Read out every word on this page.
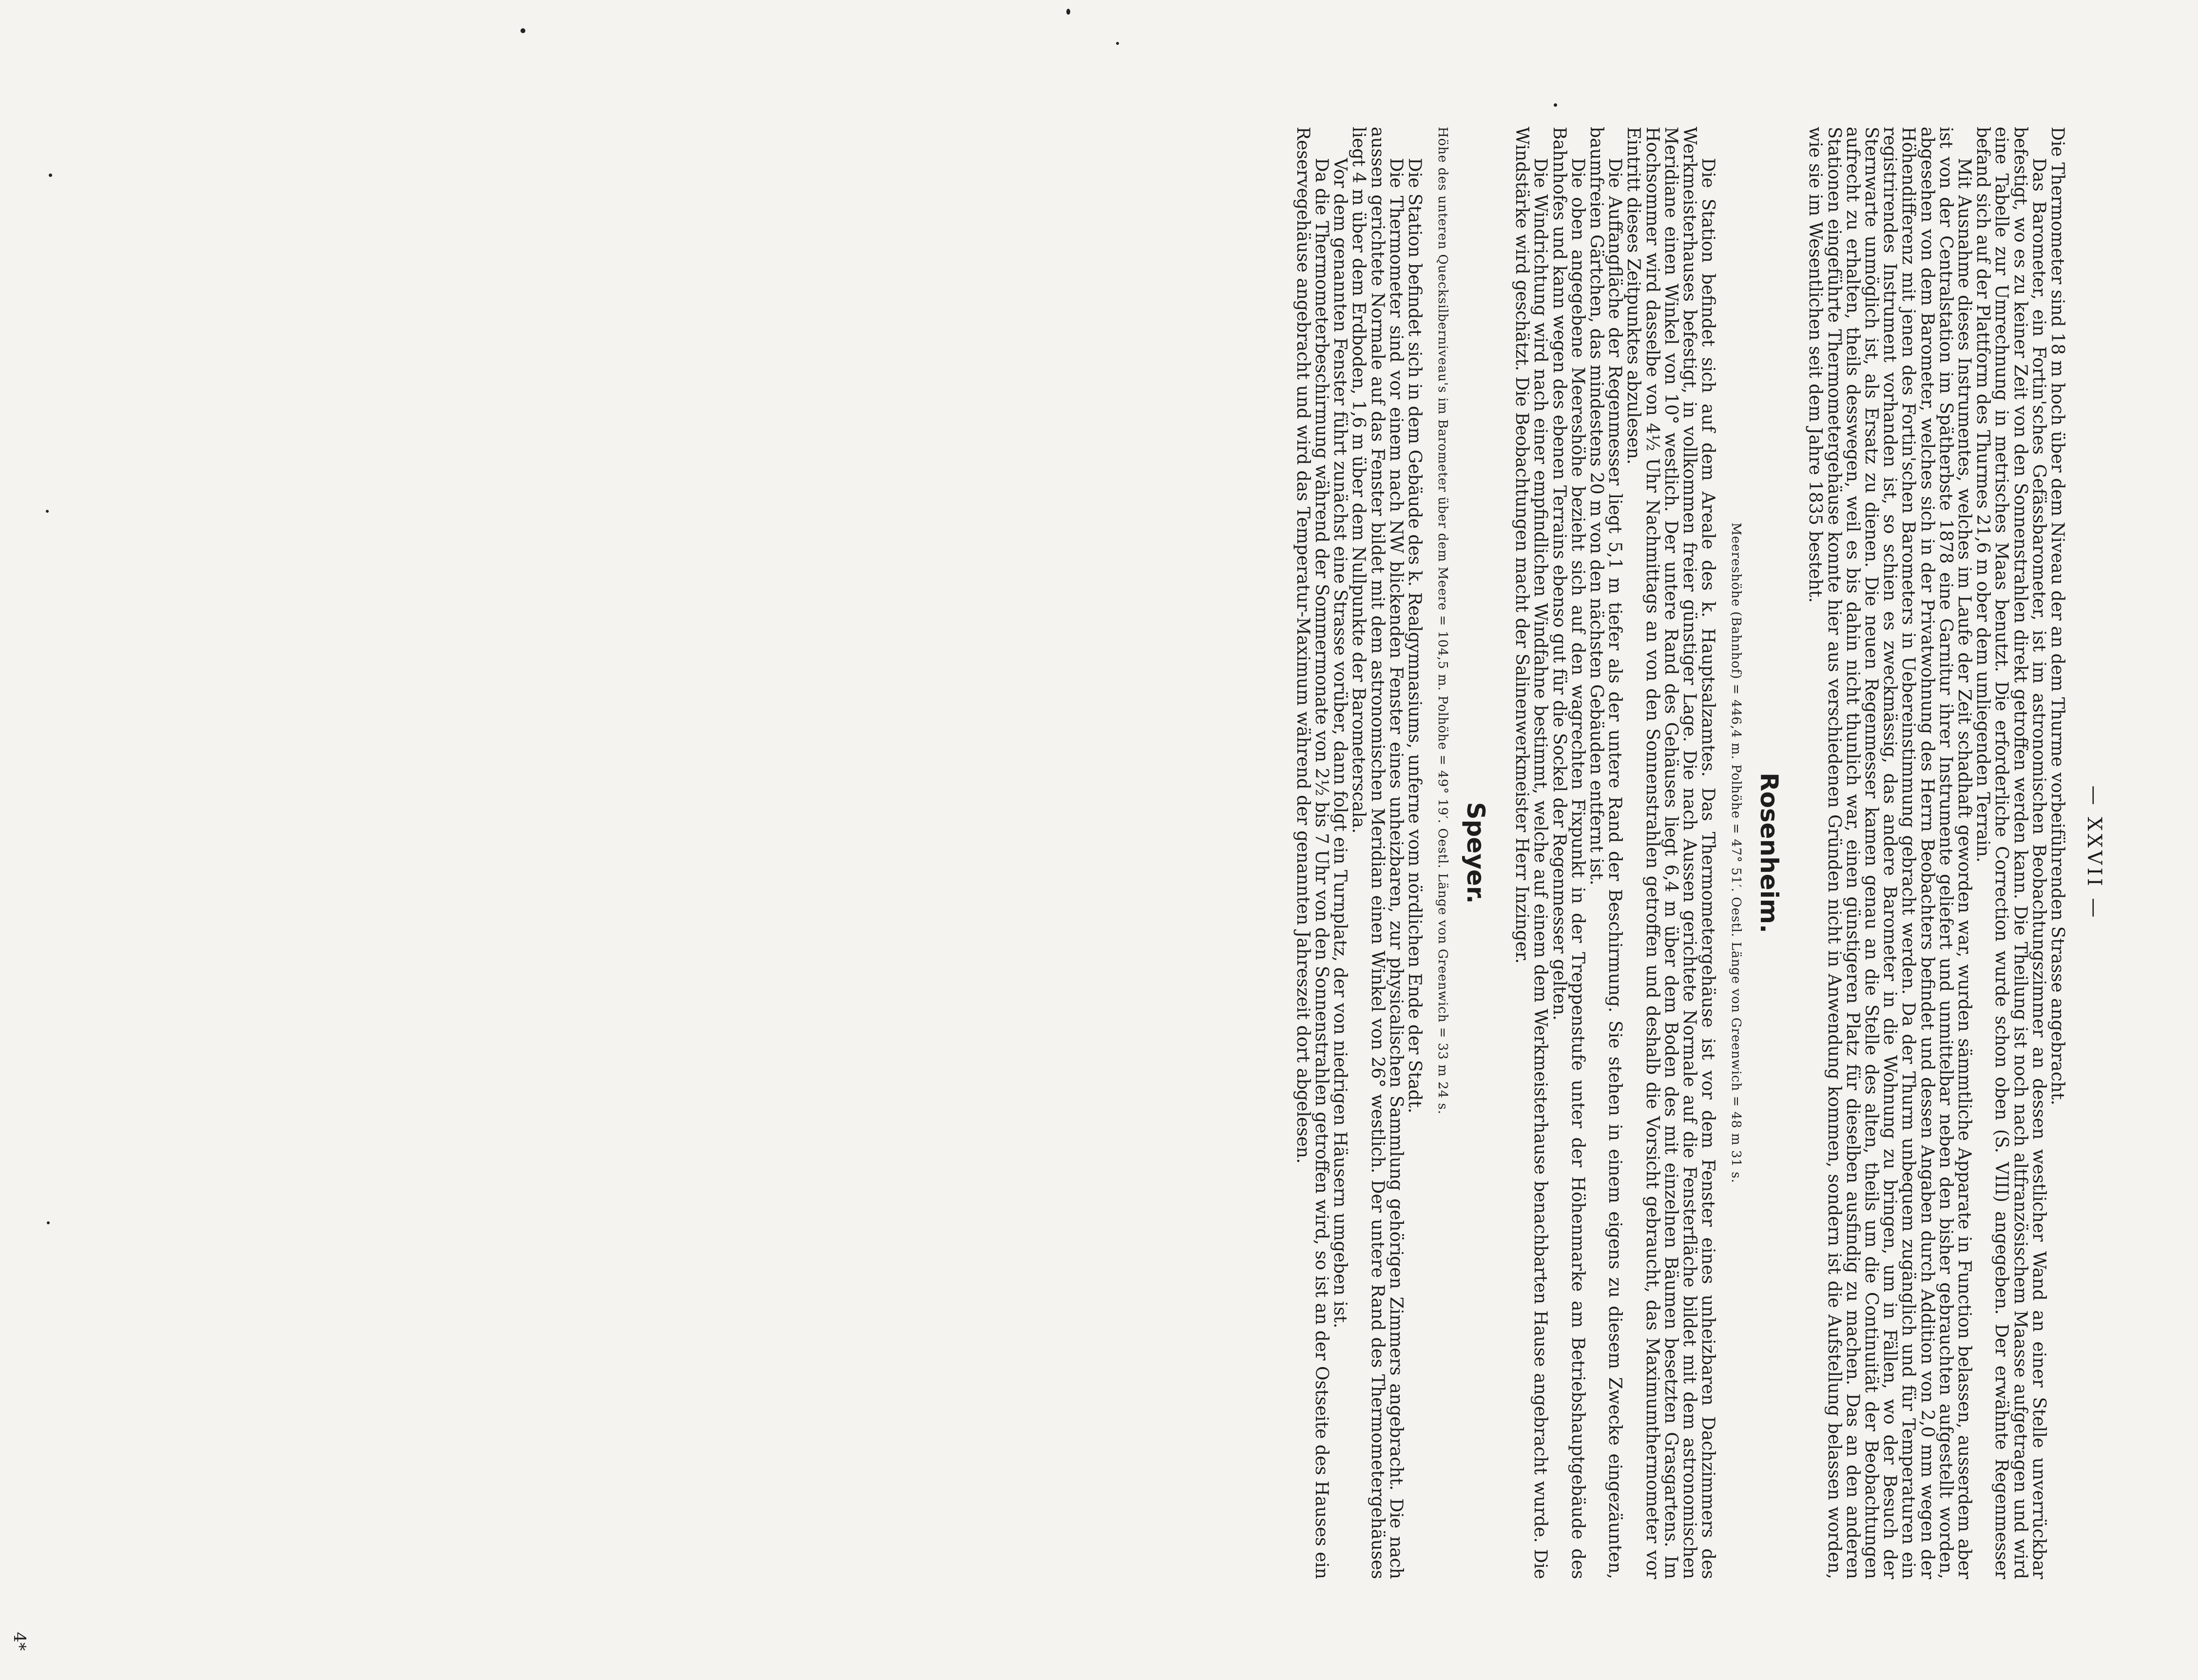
— XXVII —

Die Thermometer sind 18 m hoch über dem Niveau der an dem Thurme vorbeiführenden Strasse angebracht.

Das Barometer, ein Fortin'sches Gefässbarometer, ist im astronomischen Beobachtungszimmer an dessen westlicher Wand an einer Stelle unverrückbar befestigt, wo es zu keiner Zeit von den Sonnenstrahlen direkt getroffen werden kann. Die Theilung ist noch nach altfranzösischem Maasse aufgetragen und wird eine Tabelle zur Umrechnung in metrisches Maas benutzt. Die erforderliche Correction wurde schon oben (S. VIII) angegeben. Der erwähnte Regenmesser befand sich auf der Plattform des Thurmes 21,6 m ober dem umliegenden Terrain.

Mit Ausnahme dieses Instrumentes, welches im Laufe der Zeit schadhaft geworden war, wurden sämmtliche Apparate in Function belassen, ausserdem aber ist von der Centralstation im Spätherbste 1878 eine Garnitur ihrer Instrumente geliefert und unmittelbar neben den bisher gebrauchten aufgestellt worden, abgesehen von dem Barometer, welches sich in der Privatwohnung des Herrn Beobachters befindet und dessen Angaben durch Addition von 2,0 mm wegen der Höhendifferenz mit jenen des Fortin'schen Barometers in Uebereinstimmung gebracht werden. Da der Thurm unbequem zugänglich und für Temperaturen ein registrirendes Instrument vorhanden ist, so schien es zweckmässig, das andere Barometer in die Wohnung zu bringen, um in Fällen, wo der Besuch der Sternwarte unmöglich ist, als Ersatz zu dienen. Die neuen Regenmesser kamen genau an die Stelle des alten, theils um die Continuität der Beobachtungen aufrecht zu erhalten, theils desswegen, weil es bis dahin nicht thunlich war, einen günstigeren Platz für dieselben ausfindig zu machen. Das an den anderen Stationen eingeführte Thermometergehäuse konnte hier aus verschiedenen Gründen nicht in Anwendung kommen, sondern ist die Aufstellung belassen worden, wie sie im Wesentlichen seit dem Jahre 1835 besteht.

Rosenheim.
Meereshöhe (Bahnhof) = 446,4 m. Polhöhe = 47° 51′. Oestl. Länge von Greenwich = 48 m 31 s.

Die Station befindet sich auf dem Areale des k. Hauptsalzamtes. Das Thermometergehäuse ist vor dem Fenster eines unheizbaren Dachzimmers des Werkmeisterhauses befestigt, in vollkommen freier günstiger Lage. Die nach Aussen gerichtete Normale auf die Fensterfläche bildet mit dem astronomischen Meridiane einen Winkel von 10° westlich. Der untere Rand des Gehäuses liegt 6,4 m über dem Boden des mit einzelnen Bäumen besetzten Grasgartens. Im Hochsommer wird dasselbe von 4½ Uhr Nachmittags an von den Sonnenstrahlen getroffen und deshalb die Vorsicht gebraucht, das Maximumthermometer vor Eintritt dieses Zeitpunktes abzulesen.

Die Auffangfläche der Regenmesser liegt 5,1 m tiefer als der untere Rand der Beschirmung. Sie stehen in einem eigens zu diesem Zwecke eingezäunten, baumfreien Gärtchen, das mindestens 20 m von den nächsten Gebäuden entfernt ist.

Die oben angegebene Meereshöhe bezieht sich auf den wagrechten Fixpunkt in der Treppenstufe unter der Höhenmarke am Betriebshauptgebäude des Bahnhofes und kann wegen des ebenen Terrains ebenso gut für die Sockel der Regenmesser gelten.

Die Windrichtung wird nach einer empfindlichen Windfahne bestimmt, welche auf einem dem Werkmeisterhause benachbarten Hause angebracht wurde. Die Windstärke wird geschätzt. Die Beobachtungen macht der Salinenwerkmeister Herr Inzinger.

Speyer.
Höhe des unteren Quecksilberniveau's im Barometer über dem Meere = 104,5 m. Polhöhe = 49° 19′. Oestl. Länge von Greenwich = 33 m 24 s.

Die Station befindet sich in dem Gebäude des k. Realgymnasiums, unferne vom nördlichen Ende der Stadt.

Die Thermometer sind vor einem nach NW blickenden Fenster eines unheizbaren, zur physicalischen Sammlung gehörigen Zimmers angebracht. Die nach aussen gerichtete Normale auf das Fenster bildet mit dem astronomischen Meridian einen Winkel von 26° westlich. Der untere Rand des Thermometergehäuses liegt 4 m über dem Erdboden, 1,6 m über dem Nullpunkte der Barometerscala.

Vor dem genannten Fenster führt zunächst eine Strasse vorüber, dann folgt ein Turnplatz, der von niedrigen Häusern umgeben ist.

Da die Thermometerbeschirmung während der Sommermonate von 2½ bis 7 Uhr von den Sonnenstrahlen getroffen wird, so ist an der Ostseite des Hauses ein Reservegehäuse angebracht und wird das Temperatur-Maximum während der genannten Jahreszeit dort abgelesen.

4*
